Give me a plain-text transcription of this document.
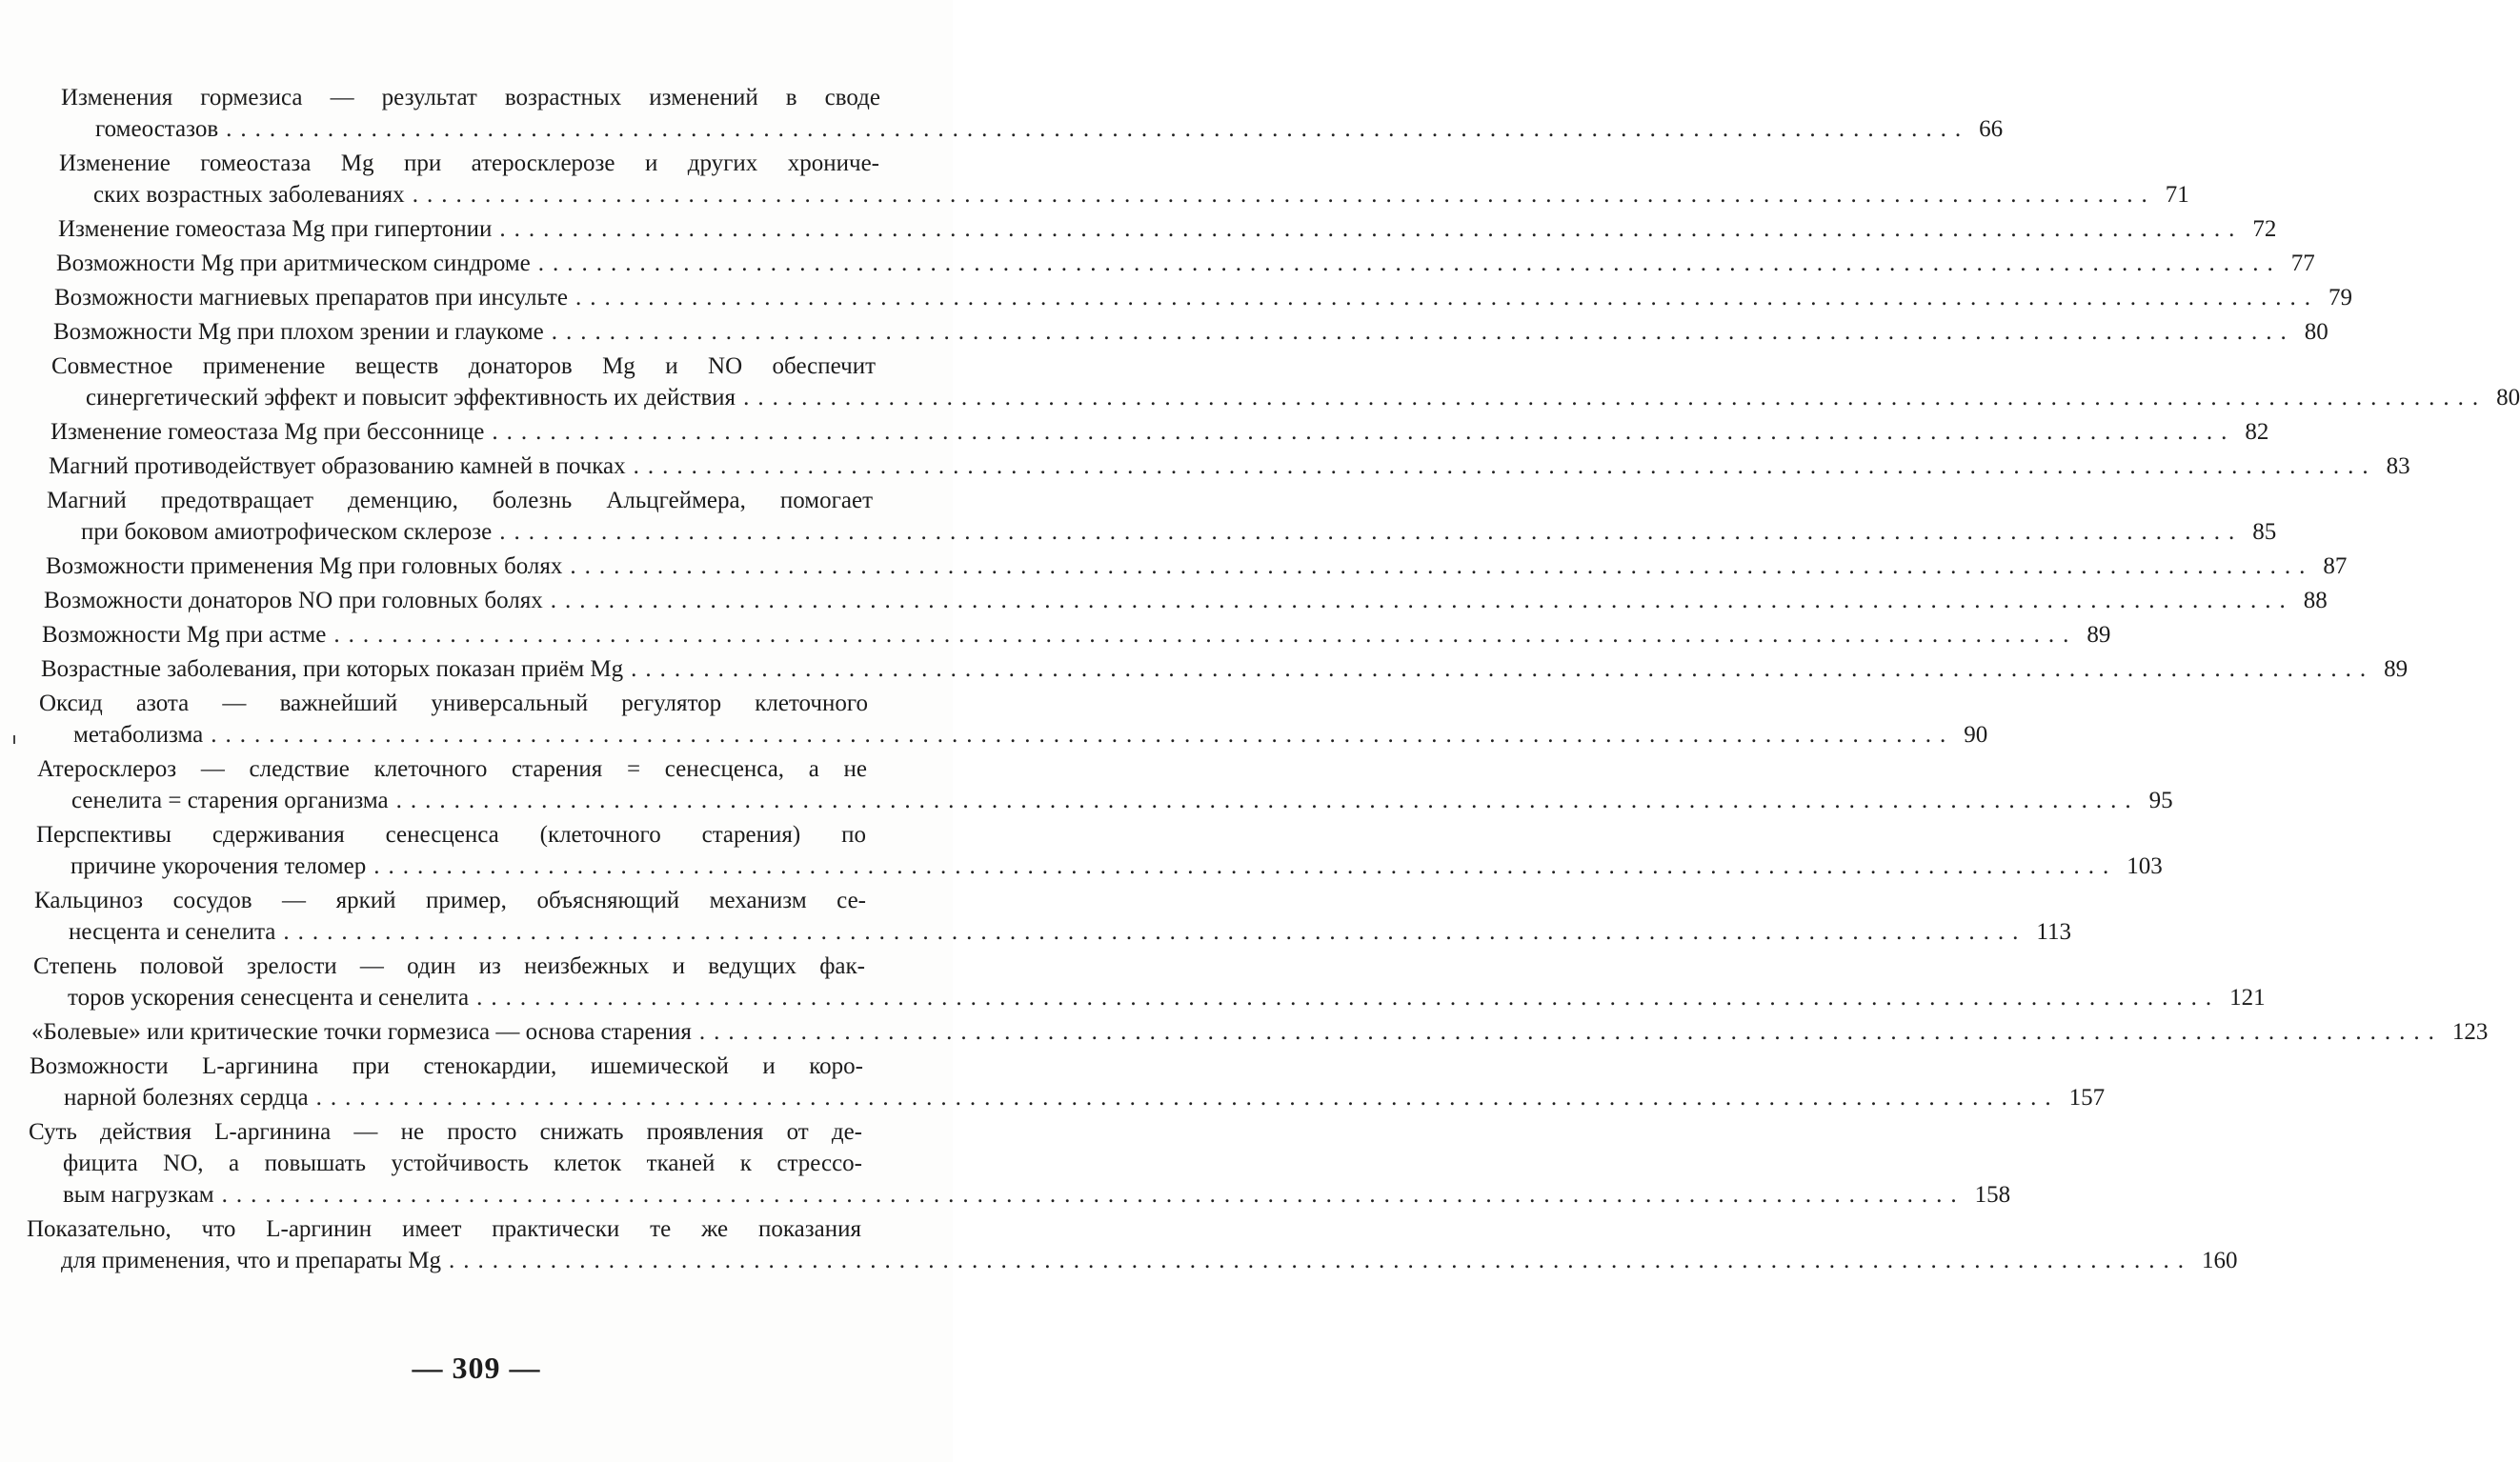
Изменения гормезиса — результат возрастных изменений в своде
гомеостазов ........................................................................................................................ 66
Изменение гомеостаза Mg при атеросклерозе и других хрониче-
ских возрастных заболеваниях ........................................................................................................................ 71
Изменение гомеостаза Mg при гипертонии ........................................................................................................................ 72
Возможности Mg при аритмическом синдроме ........................................................................................................................ 77
Возможности магниевых препаратов при инсульте ........................................................................................................................ 79
Возможности Mg при плохом зрении и глаукоме ........................................................................................................................ 80
Совместное применение веществ донаторов Mg и NO обеспечит
синергетический эффект и повысит эффективность их действия ........................................................................................................................ 80
Изменение гомеостаза Mg при бессоннице ........................................................................................................................ 82
Магний противодействует образованию камней в почках ........................................................................................................................ 83
Магний предотвращает деменцию, болезнь Альцгеймера, помогает
при боковом амиотрофическом склерозе ........................................................................................................................ 85
Возможности применения Mg при головных болях ........................................................................................................................ 87
Возможности донаторов NO при головных болях ........................................................................................................................ 88
Возможности Mg при астме ........................................................................................................................ 89
Возрастные заболевания, при которых показан приём Mg ........................................................................................................................ 89
Оксид азота — важнейший универсальный регулятор клеточного
метаболизма ........................................................................................................................ 90
Атеросклероз — следствие клеточного старения = сенесценса, а не
сенелита = старения организма ........................................................................................................................ 95
Перспективы сдерживания сенесценса (клеточного старения) по
причине укорочения теломер ........................................................................................................................ 103
Кальциноз сосудов — яркий пример, объясняющий механизм се-
несцента и сенелита ........................................................................................................................ 113
Степень половой зрелости — один из неизбежных и ведущих фак-
торов ускорения сенесцента и сенелита ........................................................................................................................ 121
«Болевые» или критические точки гормезиса — основа старения ........................................................................................................................ 123
Возможности L-аргинина при стенокардии, ишемической и коро-
нарной болезнях сердца ........................................................................................................................ 157
Суть действия L-аргинина — не просто снижать проявления от де-
фицита NO, а повышать устойчивость клеток тканей к стрессо-
вым нагрузкам ........................................................................................................................ 158
Показательно, что L-аргинин имеет практически те же показания
для применения, что и препараты Mg ........................................................................................................................ 160
— 309 —
